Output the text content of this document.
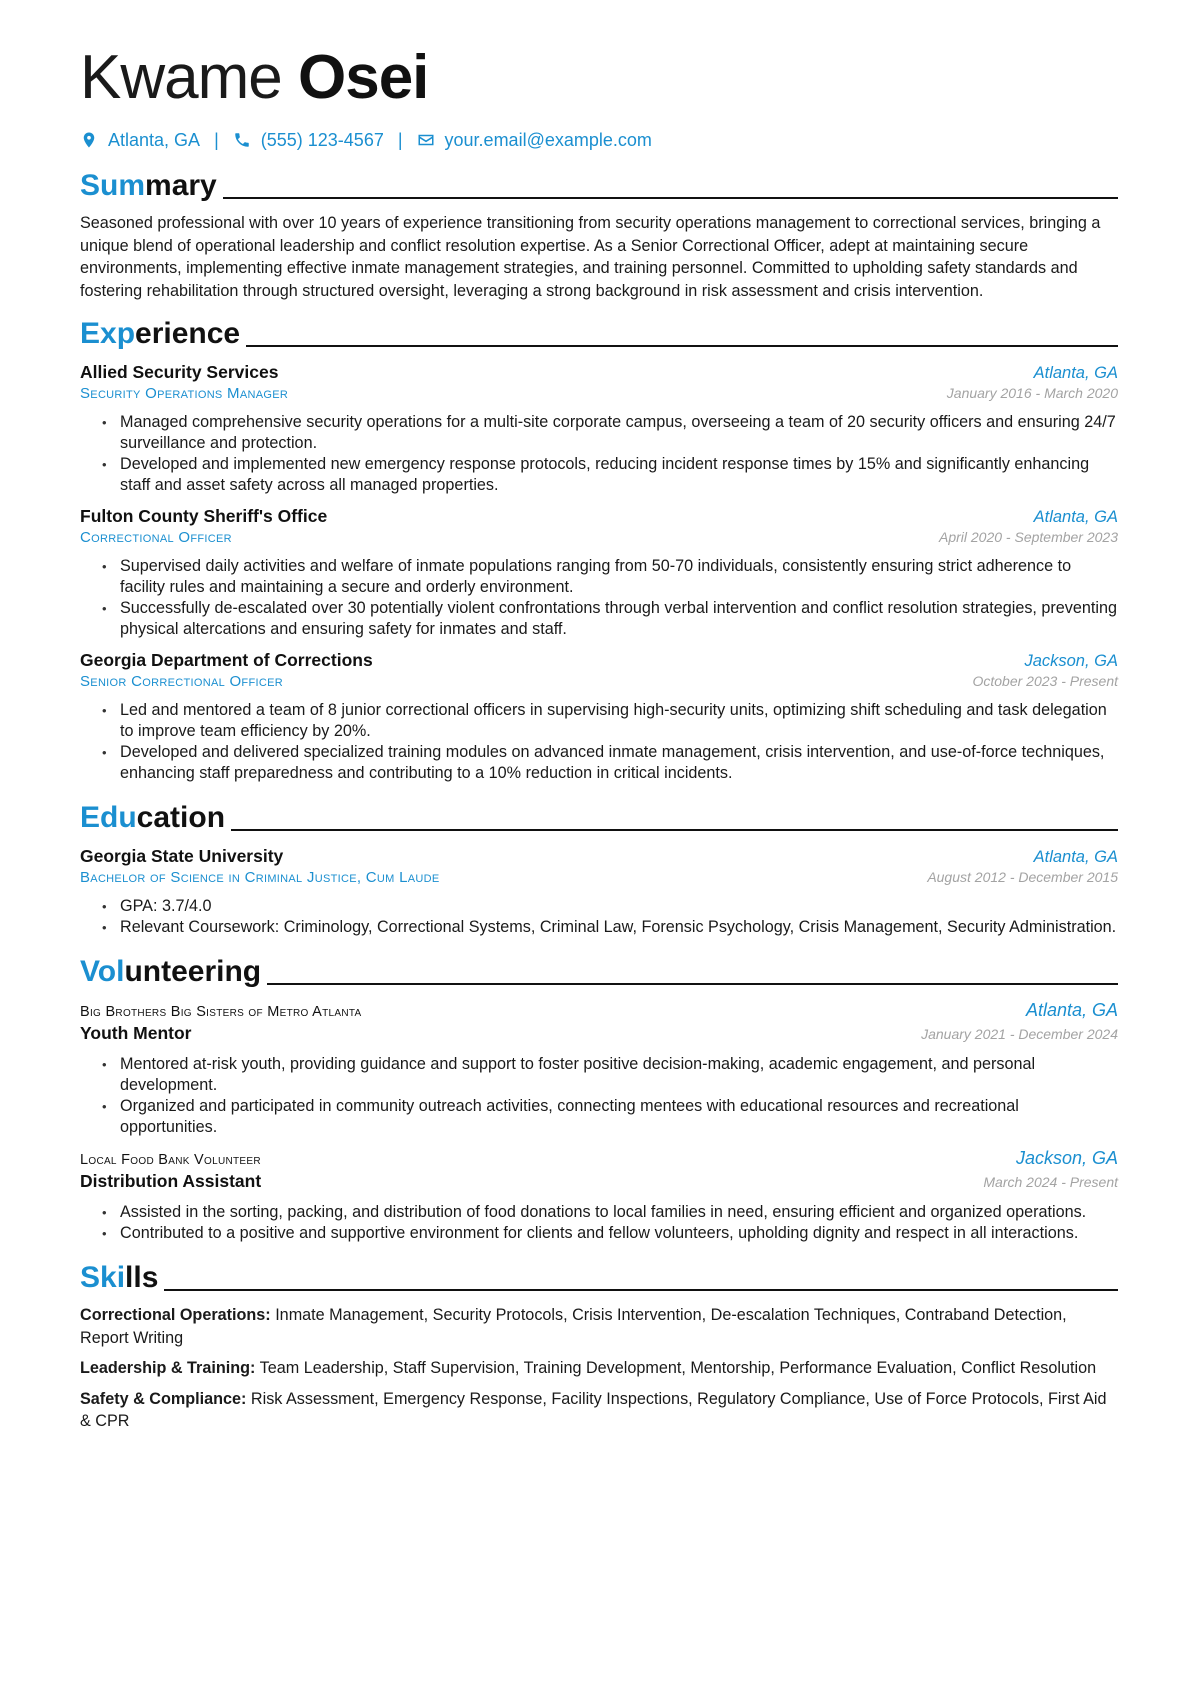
Kwame Osei
Atlanta, GA | (555) 123-4567 | your.email@example.com
Summary

Seasoned professional with over 10 years of experience transitioning from security operations management to correctional services, bringing a unique blend of operational leadership and conflict resolution expertise. As a Senior Correctional Officer, adept at maintaining secure environments, implementing effective inmate management strategies, and training personnel. Committed to upholding safety standards and fostering rehabilitation through structured oversight, leveraging a strong background in risk assessment and crisis intervention.

Experience
Allied Security Services	Atlanta, GA
Security Operations Manager	January 2016 - March 2020
• Managed comprehensive security operations for a multi-site corporate campus, overseeing a team of 20 security officers and ensuring 24/7 surveillance and protection.
• Developed and implemented new emergency response protocols, reducing incident response times by 15% and significantly enhancing staff and asset safety across all managed properties.
Fulton County Sheriff's Office	Atlanta, GA
Correctional Officer	April 2020 - September 2023
• Supervised daily activities and welfare of inmate populations ranging from 50-70 individuals, consistently ensuring strict adherence to facility rules and maintaining a secure and orderly environment.
• Successfully de-escalated over 30 potentially violent confrontations through verbal intervention and conflict resolution strategies, preventing physical altercations and ensuring safety for inmates and staff.
Georgia Department of Corrections	Jackson, GA
Senior Correctional Officer	October 2023 - Present
• Led and mentored a team of 8 junior correctional officers in supervising high-security units, optimizing shift scheduling and task delegation to improve team efficiency by 20%.
• Developed and delivered specialized training modules on advanced inmate management, crisis intervention, and use-of-force techniques, enhancing staff preparedness and contributing to a 10% reduction in critical incidents.
Education
Georgia State University	Atlanta, GA
Bachelor of Science in Criminal Justice, Cum Laude	August 2012 - December 2015
• GPA: 3.7/4.0
• Relevant Coursework: Criminology, Correctional Systems, Criminal Law, Forensic Psychology, Crisis Management, Security Administration.
Volunteering
Big Brothers Big Sisters of Metro Atlanta	Atlanta, GA
Youth Mentor	January 2021 - December 2024
• Mentored at-risk youth, providing guidance and support to foster positive decision-making, academic engagement, and personal development.
• Organized and participated in community outreach activities, connecting mentees with educational resources and recreational opportunities.
Local Food Bank Volunteer	Jackson, GA
Distribution Assistant	March 2024 - Present
• Assisted in the sorting, packing, and distribution of food donations to local families in need, ensuring efficient and organized operations.
• Contributed to a positive and supportive environment for clients and fellow volunteers, upholding dignity and respect in all interactions.
Skills

Correctional Operations: Inmate Management, Security Protocols, Crisis Intervention, De-escalation Techniques, Contraband Detection, Report Writing

Leadership & Training: Team Leadership, Staff Supervision, Training Development, Mentorship, Performance Evaluation, Conflict Resolution

Safety & Compliance: Risk Assessment, Emergency Response, Facility Inspections, Regulatory Compliance, Use of Force Protocols, First Aid & CPR
